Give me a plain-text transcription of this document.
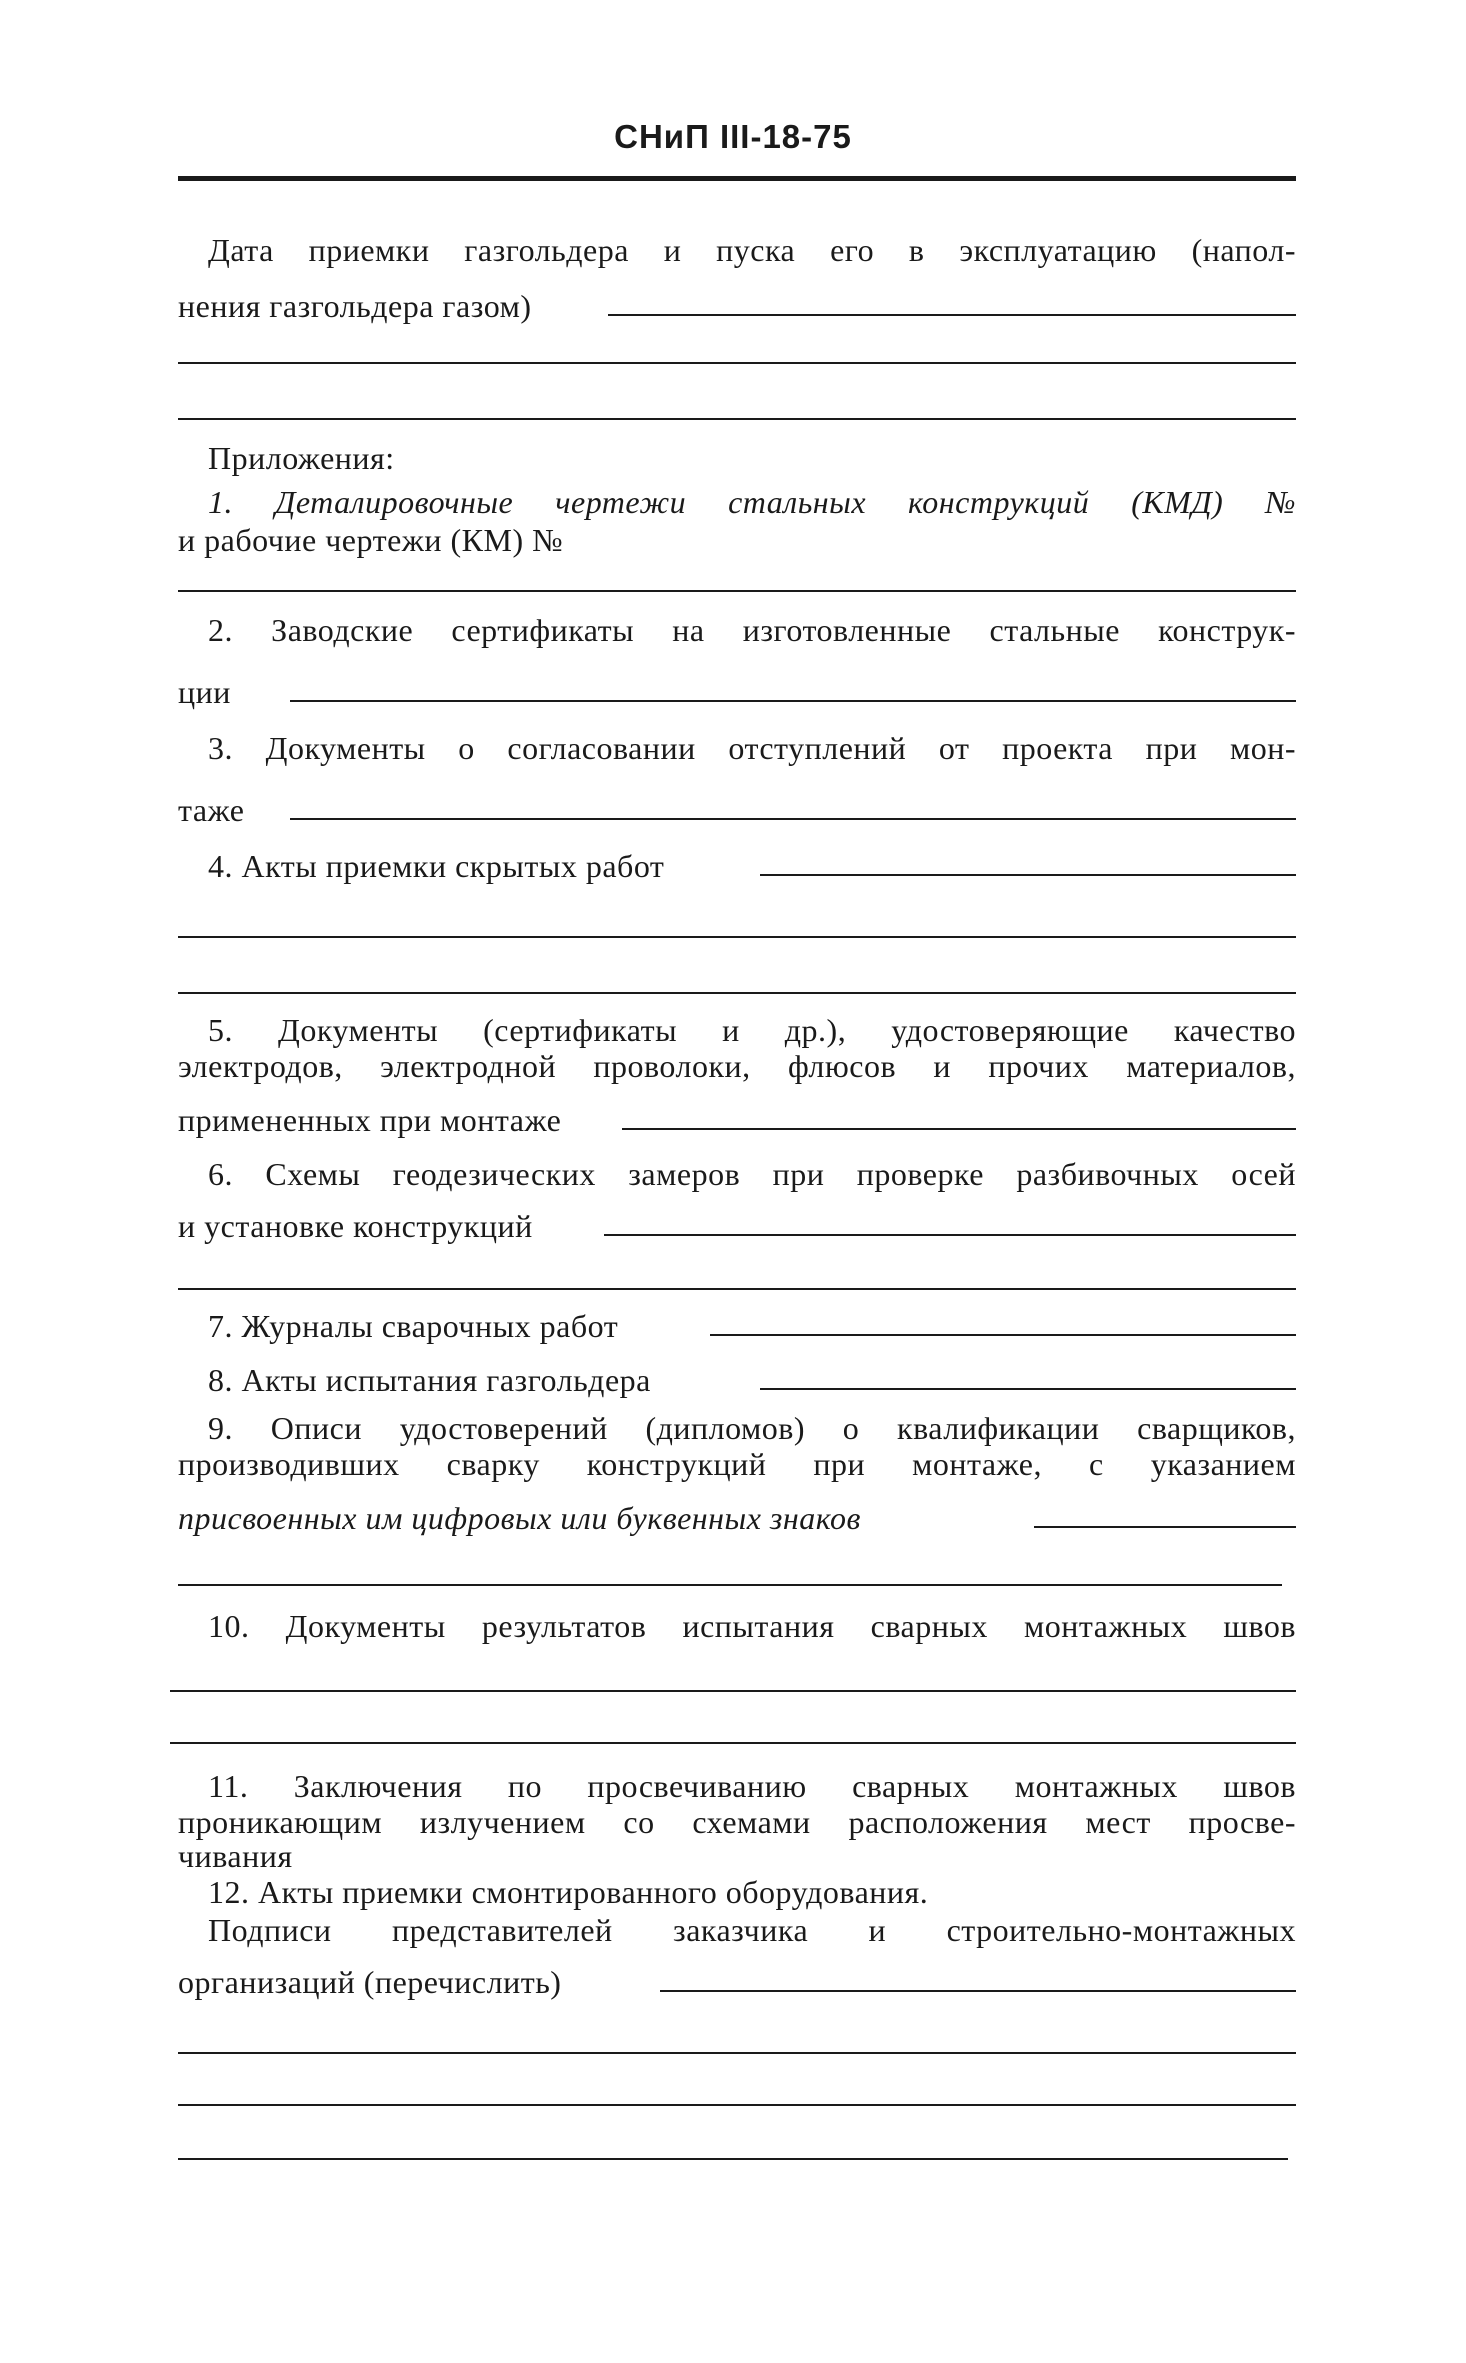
СНиП III-18-75
Дата приемки газгольдера и пуска его в эксплуатацию (напол-
нения газгольдера газом)
Приложения:
1. Деталировочные чертежи стальных конструкций (КМД) №
и рабочие чертежи (КМ) №
2. Заводские сертификаты на изготовленные стальные конструк-
ции
3. Документы о согласовании отступлений от проекта при мон-
таже
4. Акты приемки скрытых работ
5. Документы (сертификаты и др.), удостоверяющие качество
электродов, электродной проволоки, флюсов и прочих материалов,
примененных при монтаже
6. Схемы геодезических замеров при проверке разбивочных осей
и установке конструкций
7. Журналы сварочных работ
8. Акты испытания газгольдера
9. Описи удостоверений (дипломов) о квалификации сварщиков,
производивших сварку конструкций при монтаже, с указанием
присвоенных им цифровых или буквенных знаков
10. Документы результатов испытания сварных монтажных швов
11. Заключения по просвечиванию сварных монтажных швов
проникающим излучением со схемами расположения мест просве-
чивания
12. Акты приемки смонтированного оборудования.
Подписи представителей заказчика и строительно-монтажных
организаций (перечислить)
